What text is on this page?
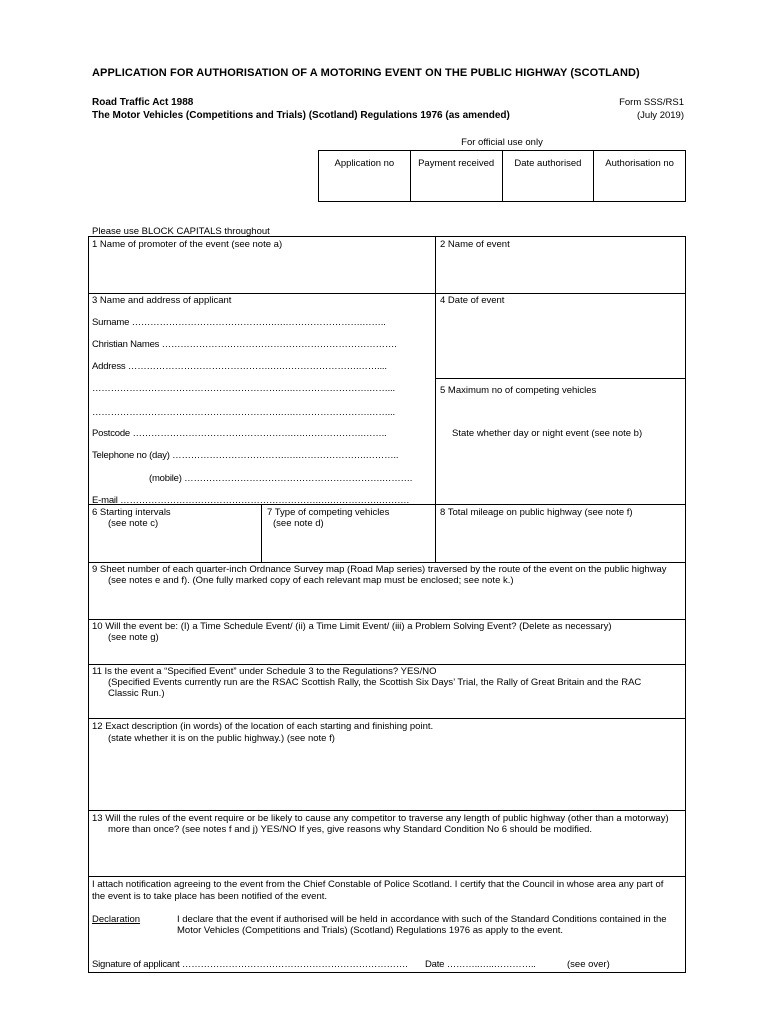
APPLICATION FOR AUTHORISATION OF A MOTORING EVENT ON THE PUBLIC HIGHWAY (SCOTLAND)
Road Traffic Act 1988
The Motor Vehicles (Competitions and Trials) (Scotland) Regulations 1976 (as amended)
Form SSS/RS1
(July 2019)
For official use only
Application no	Payment received	Date authorised	Authorisation no
Please use BLOCK CAPITALS throughout
1 Name of promoter of the event (see note a)	2 Name of event
3 Name and address of applicant	4 Date of event
Surname ……………………………………….….…………………….……..
Christian Names ………………………………………………………………….
Address ……………………………………….….…………………….……....
…………………………………………………….….…………………….……...	5 Maximum no of competing vehicles
…………………………………………………….….…………………….……...
Postcode …………………………………………….….……………….……..	State whether day or night event (see note b)
Telephone no (day) ……………………………….….………………….………..
(mobile) ……………………………………………………….……….
E-mail ……………………………………………………….….…………….……….
6 Starting intervals
(see note c)
7 Type of competing vehicles
(see note d)
8 Total mileage on public highway (see note f)
9 Sheet number of each quarter-inch Ordnance Survey map (Road Map series) traversed by the route of the event on the public highway
(see notes e and f). (One fully marked copy of each relevant map must be enclosed; see note k.)
10 Will the event be: (I) a Time Schedule Event/ (ii) a Time Limit Event/ (iii) a Problem Solving Event? (Delete as necessary)
(see note g)
11 Is the event a “Specified Event” under Schedule 3 to the Regulations? YES/NO
(Specified Events currently run are the RSAC Scottish Rally, the Scottish Six Days’ Trial, the Rally of Great Britain and the RAC
Classic Run.)
12 Exact description (in words) of the location of each starting and finishing point.
(state whether it is on the public highway.) (see note f)
13 Will the rules of the event require or be likely to cause any competitor to traverse any length of public highway (other than a motorway)
more than once? (see notes f and j) YES/NO If yes, give reasons why Standard Condition No 6 should be modified.
I attach notification agreeing to the event from the Chief Constable of Police Scotland. I certify that the Council in whose area any part of
the event is to take place has been notified of the event.
Declaration	I declare that the event if authorised will be held in accordance with such of the Standard Conditions contained in the
Motor Vehicles (Competitions and Trials) (Scotland) Regulations 1976 as apply to the event.
Signature of applicant ………………………………………………………………. Date ………..…..…………..	(see over)
